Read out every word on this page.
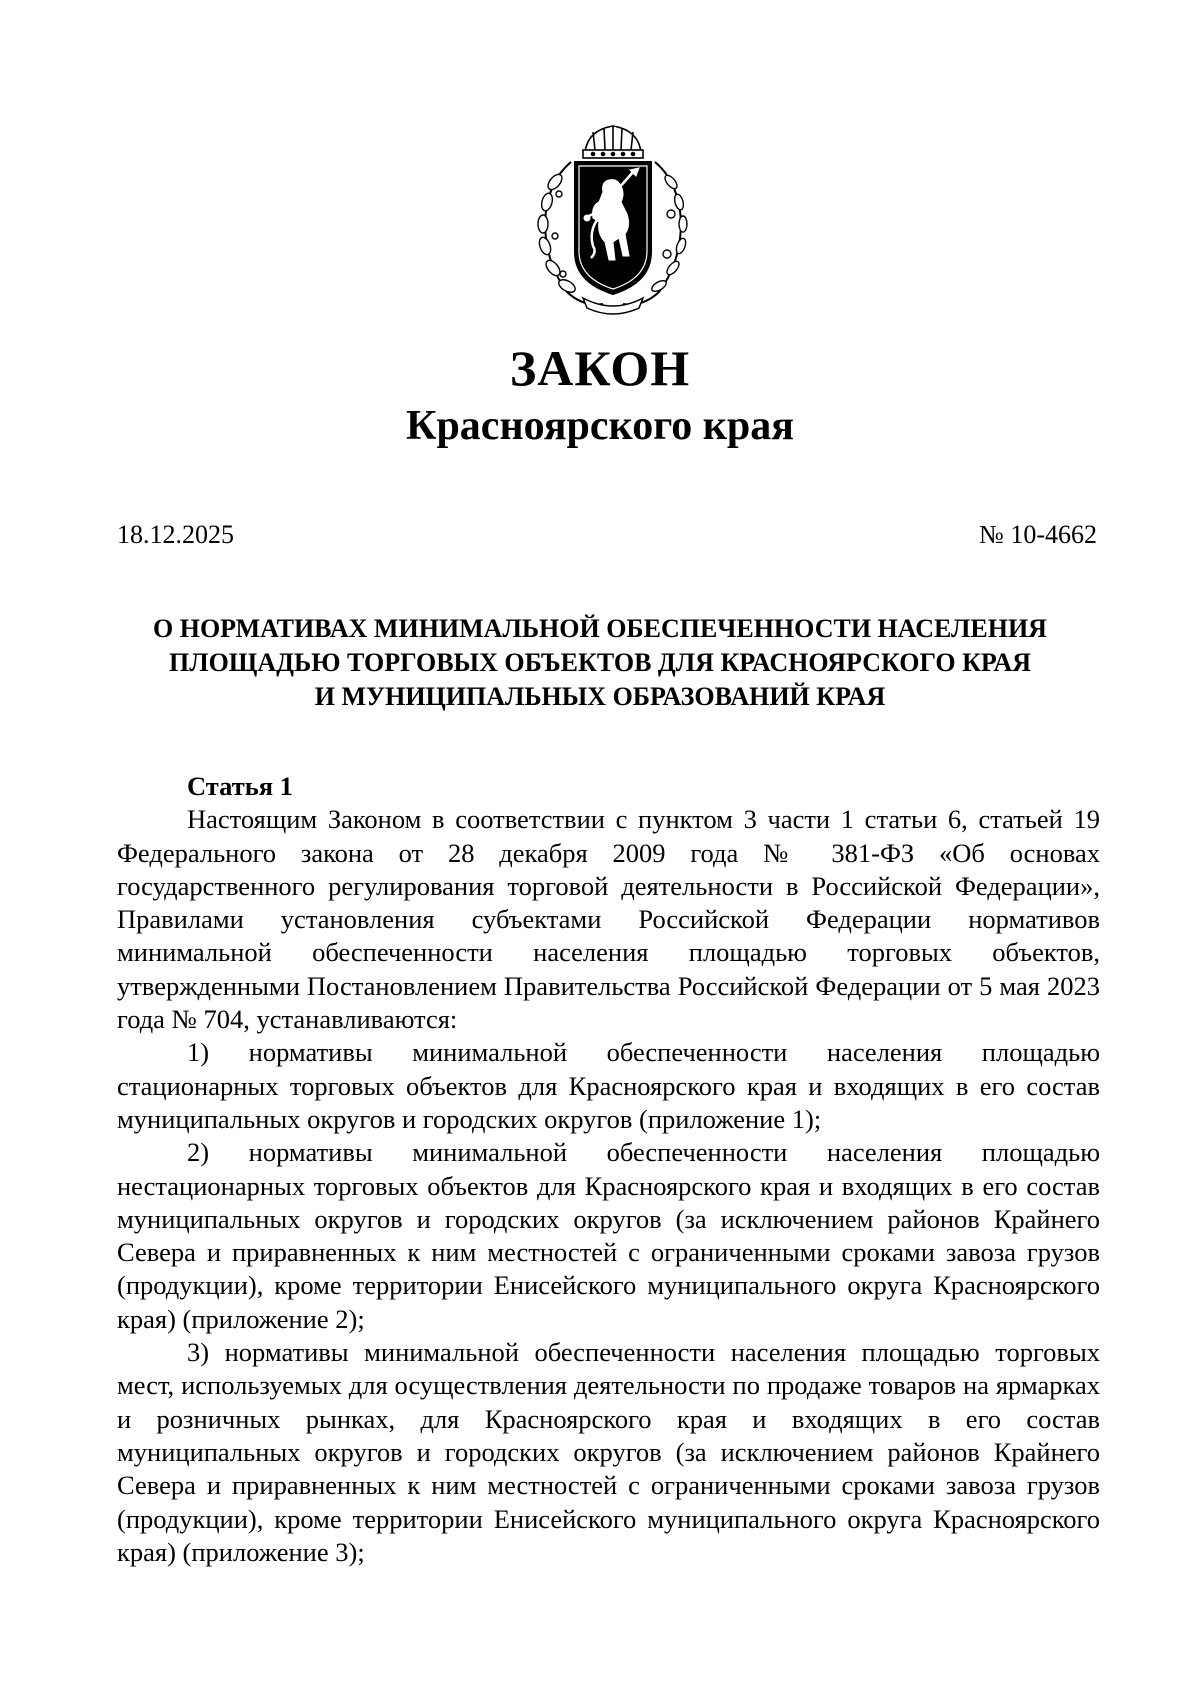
ЗАКОН
Красноярского края
18.12.2025	№ 10-4662
О НОРМАТИВАХ МИНИМАЛЬНОЙ ОБЕСПЕЧЕННОСТИ НАСЕЛЕНИЯ
ПЛОЩАДЬЮ ТОРГОВЫХ ОБЪЕКТОВ ДЛЯ КРАСНОЯРСКОГО КРАЯ
И МУНИЦИПАЛЬНЫХ ОБРАЗОВАНИЙ КРАЯ
Статья 1

Настоящим Законом в соответствии с пунктом 3 части 1 статьи 6, статьей 19 Федерального закона от 28 декабря 2009 года № 381-ФЗ «Об основах государственного регулирования торговой деятельности в Российской Федерации», Правилами установления субъектами Российской Федерации нормативов минимальной обеспеченности населения площадью торговых объектов, утвержденными Постановлением Правительства Российской Федерации от 5 мая 2023 года № 704, устанавливаются:

1) нормативы минимальной обеспеченности населения площадью стационарных торговых объектов для Красноярского края и входящих в его состав муниципальных округов и городских округов (приложение 1);

2) нормативы минимальной обеспеченности населения площадью нестационарных торговых объектов для Красноярского края и входящих в его состав муниципальных округов и городских округов (за исключением районов Крайнего Севера и приравненных к ним местностей с ограниченными сроками завоза грузов (продукции), кроме территории Енисейского муниципального округа Красноярского края) (приложение 2);

3) нормативы минимальной обеспеченности населения площадью торговых мест, используемых для осуществления деятельности по продаже товаров на ярмарках и розничных рынках, для Красноярского края и входящих в его состав муниципальных округов и городских округов (за исключением районов Крайнего Севера и приравненных к ним местностей с ограниченными сроками завоза грузов (продукции), кроме территории Енисейского муниципального округа Красноярского края) (приложение 3);
